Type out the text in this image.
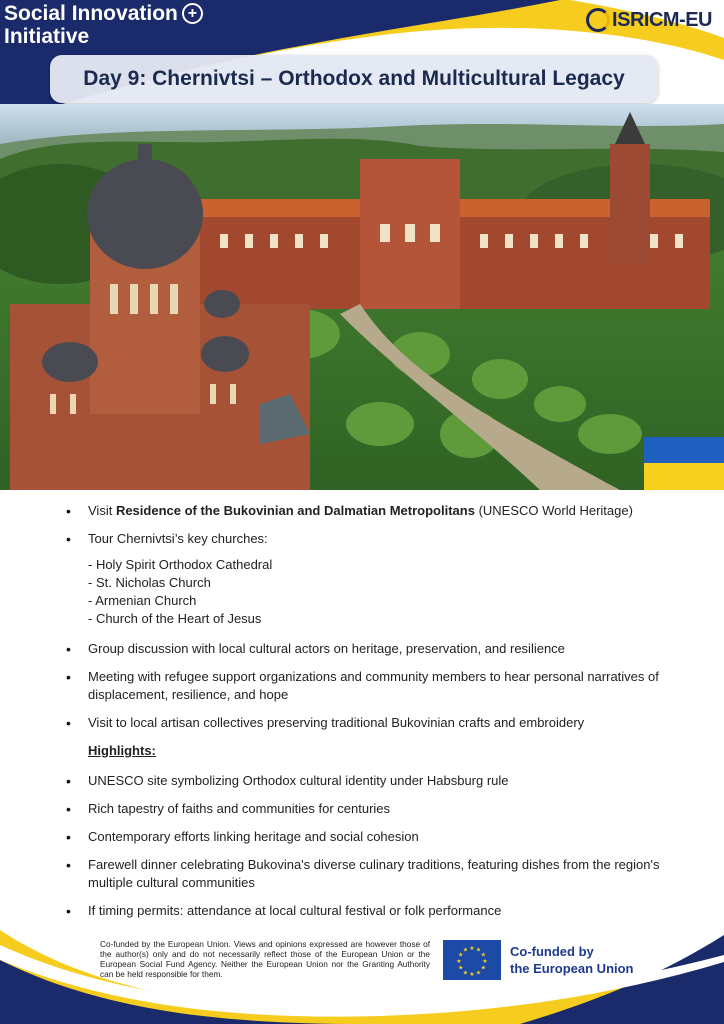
Social Innovation +
Initiative
ISRICM-EU
Day 9: Chernivtsi – Orthodox and Multicultural Legacy
• Visit Residence of the Bukovinian and Dalmatian Metropolitans (UNESCO World Heritage)
• Tour Chernivtsi’s key churches:
- Holy Spirit Orthodox Cathedral
- St. Nicholas Church
- Armenian Church
- Church of the Heart of Jesus
• Group discussion with local cultural actors on heritage, preservation, and resilience
• Meeting with refugee support organizations and community members to hear personal narratives of displacement, resilience, and hope
• Visit to local artisan collectives preserving traditional Bukovinian crafts and embroidery
Highlights:
• UNESCO site symbolizing Orthodox cultural identity under Habsburg rule
• Rich tapestry of faiths and communities for centuries
• Contemporary efforts linking heritage and social cohesion
• Farewell dinner celebrating Bukovina's diverse culinary traditions, featuring dishes from the region's multiple cultural communities
• If timing permits: attendance at local cultural festival or folk performance
Co-funded by the European Union. Views and opinions expressed are however those of the author(s) only and do not necessarily reflect those of the European Union or the European Social Fund Agency. Neither the European Union nor the Granting Authority can be held responsible for them.
★ ★
★
★
★
★
★
★
★
★
★
★	Co-funded by
the European Union
